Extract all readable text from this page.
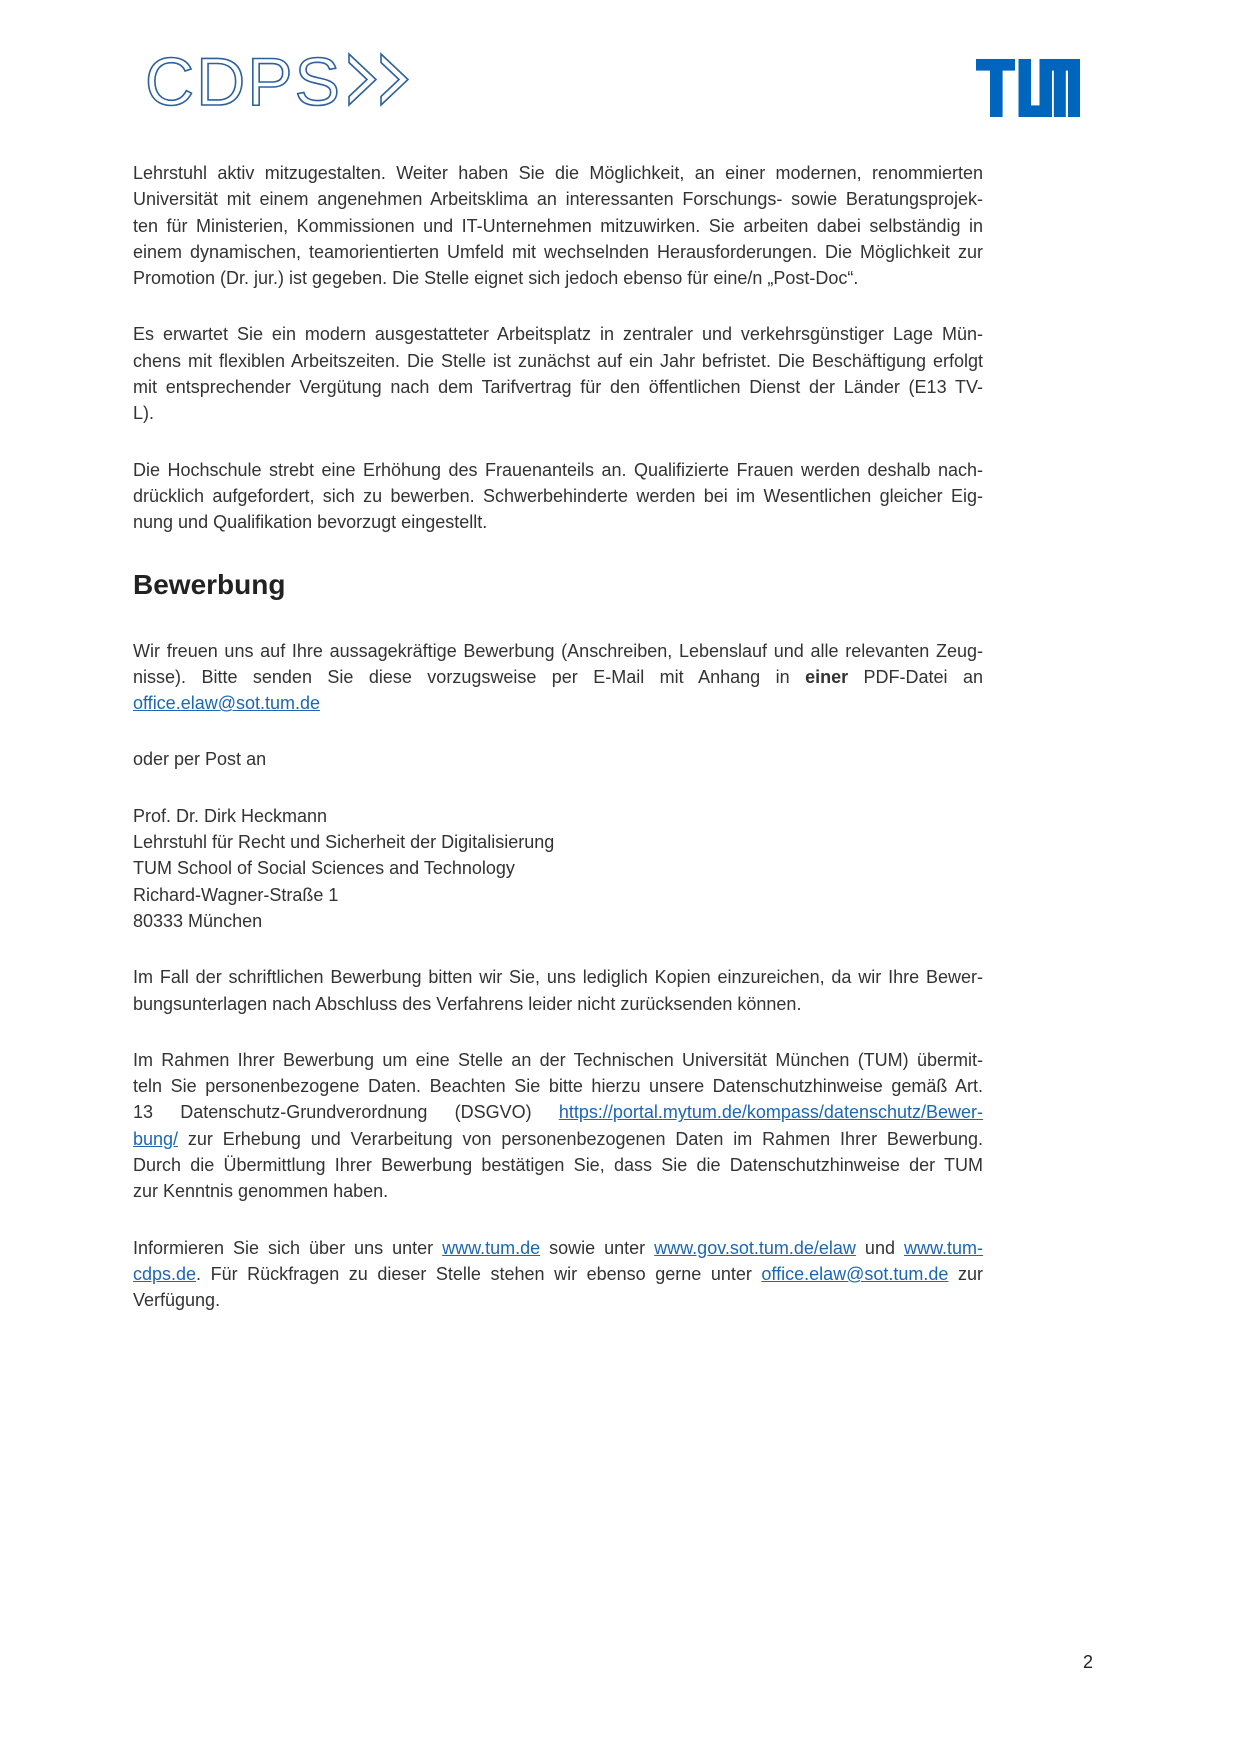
CDPS
Lehrstuhl aktiv mitzugestalten. Weiter haben Sie die Möglichkeit, an einer modernen, renommierten
Universität mit einem angenehmen Arbeitsklima an interessanten Forschungs- sowie Beratungsprojek-
ten für Ministerien, Kommissionen und IT-Unternehmen mitzuwirken. Sie arbeiten dabei selbständig in
einem dynamischen, teamorientierten Umfeld mit wechselnden Herausforderungen. Die Möglichkeit zur
Promotion (Dr. jur.) ist gegeben. Die Stelle eignet sich jedoch ebenso für eine/n „Post-Doc“.
Es erwartet Sie ein modern ausgestatteter Arbeitsplatz in zentraler und verkehrsgünstiger Lage Mün-
chens mit flexiblen Arbeitszeiten. Die Stelle ist zunächst auf ein Jahr befristet. Die Beschäftigung erfolgt
mit entsprechender Vergütung nach dem Tarifvertrag für den öffentlichen Dienst der Länder (E13 TV-
L).
Die Hochschule strebt eine Erhöhung des Frauenanteils an. Qualifizierte Frauen werden deshalb nach-
drücklich aufgefordert, sich zu bewerben. Schwerbehinderte werden bei im Wesentlichen gleicher Eig-
nung und Qualifikation bevorzugt eingestellt.
Bewerbung
Wir freuen uns auf Ihre aussagekräftige Bewerbung (Anschreiben, Lebenslauf und alle relevanten Zeug-
nisse). Bitte senden Sie diese vorzugsweise per E-Mail mit Anhang in einer PDF-Datei an
office.elaw@sot.tum.de
oder per Post an
Prof. Dr. Dirk Heckmann
Lehrstuhl für Recht und Sicherheit der Digitalisierung
TUM School of Social Sciences and Technology
Richard-Wagner-Straße 1
80333 München
Im Fall der schriftlichen Bewerbung bitten wir Sie, uns lediglich Kopien einzureichen, da wir Ihre Bewer-
bungsunterlagen nach Abschluss des Verfahrens leider nicht zurücksenden können.
Im Rahmen Ihrer Bewerbung um eine Stelle an der Technischen Universität München (TUM) übermit-
teln Sie personenbezogene Daten. Beachten Sie bitte hierzu unsere Datenschutzhinweise gemäß Art.
13 Datenschutz-Grundverordnung (DSGVO) https://portal.mytum.de/kompass/datenschutz/Bewer-
bung/ zur Erhebung und Verarbeitung von personenbezogenen Daten im Rahmen Ihrer Bewerbung.
Durch die Übermittlung Ihrer Bewerbung bestätigen Sie, dass Sie die Datenschutzhinweise der TUM
zur Kenntnis genommen haben.
Informieren Sie sich über uns unter www.tum.de sowie unter www.gov.sot.tum.de/elaw und www.tum-
cdps.de. Für Rückfragen zu dieser Stelle stehen wir ebenso gerne unter office.elaw@sot.tum.de zur
Verfügung.
2
